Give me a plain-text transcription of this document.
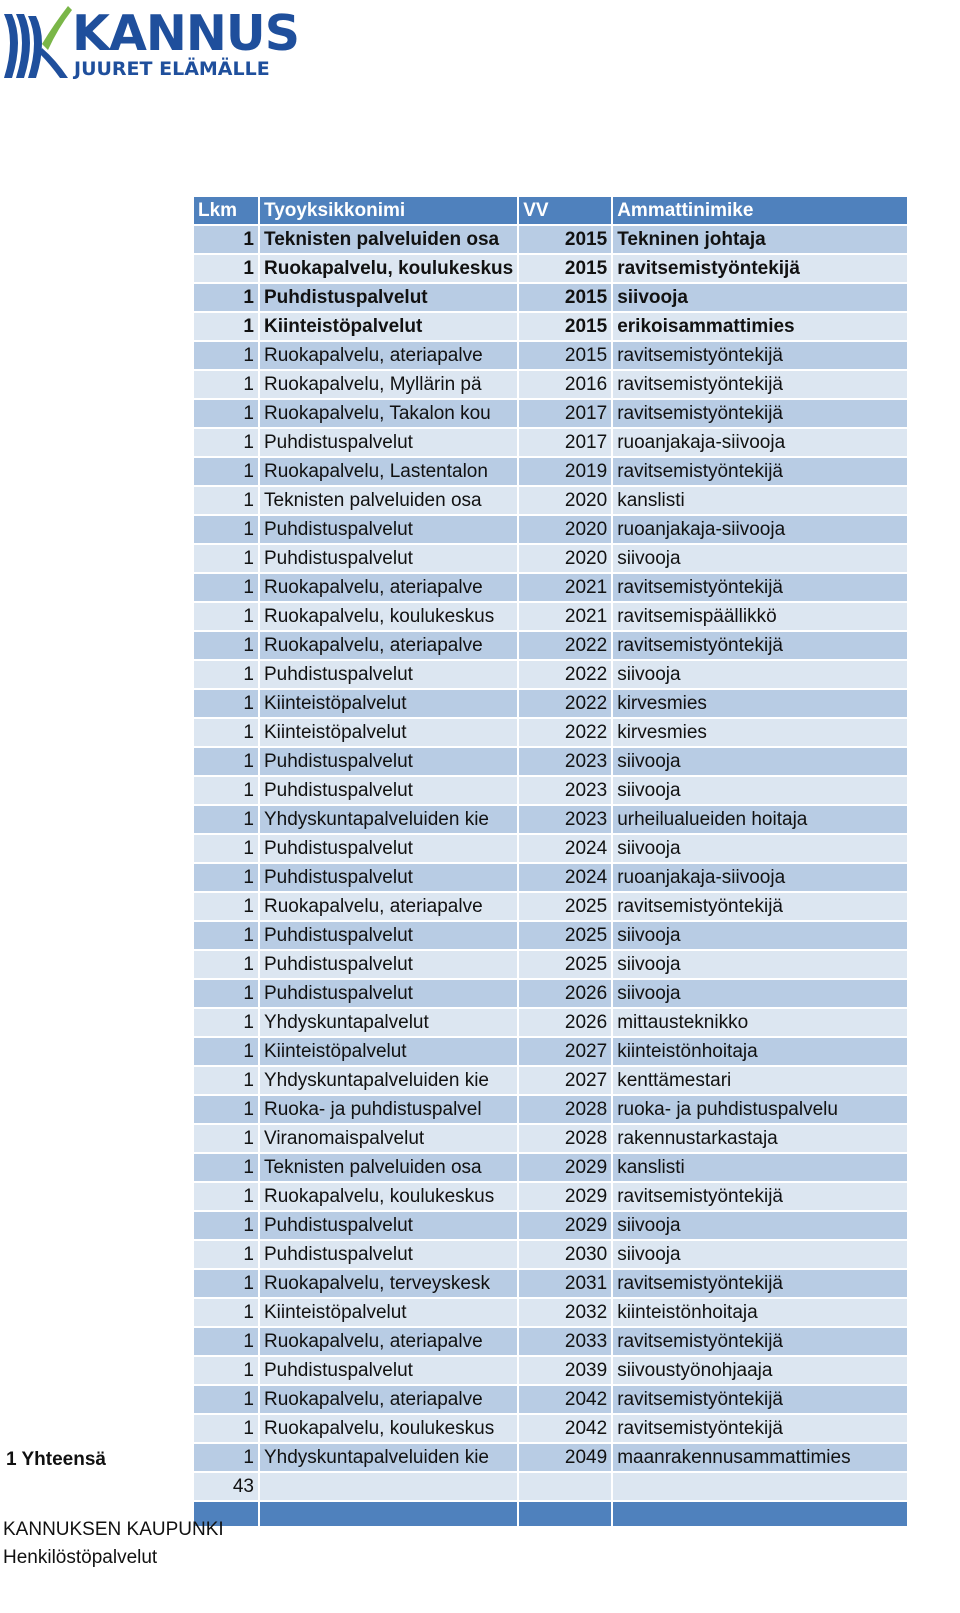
KANNUS
JUURET ELÄMÄLLE
Lkm	Tyoyksikkonimi	VV	Ammattinimike
1	Teknisten palveluiden osa	2015	Tekninen johtaja
1	Ruokapalvelu, koulukeskus	2015	ravitsemistyöntekijä
1	Puhdistuspalvelut	2015	siivooja
1	Kiinteistöpalvelut	2015	erikoisammattimies
1	Ruokapalvelu, ateriapalve	2015	ravitsemistyöntekijä
1	Ruokapalvelu, Myllärin pä	2016	ravitsemistyöntekijä
1	Ruokapalvelu, Takalon kou	2017	ravitsemistyöntekijä
1	Puhdistuspalvelut	2017	ruoanjakaja-siivooja
1	Ruokapalvelu, Lastentalon	2019	ravitsemistyöntekijä
1	Teknisten palveluiden osa	2020	kanslisti
1	Puhdistuspalvelut	2020	ruoanjakaja-siivooja
1	Puhdistuspalvelut	2020	siivooja
1	Ruokapalvelu, ateriapalve	2021	ravitsemistyöntekijä
1	Ruokapalvelu, koulukeskus	2021	ravitsemispäällikkö
1	Ruokapalvelu, ateriapalve	2022	ravitsemistyöntekijä
1	Puhdistuspalvelut	2022	siivooja
1	Kiinteistöpalvelut	2022	kirvesmies
1	Kiinteistöpalvelut	2022	kirvesmies
1	Puhdistuspalvelut	2023	siivooja
1	Puhdistuspalvelut	2023	siivooja
1	Yhdyskuntapalveluiden kie	2023	urheilualueiden hoitaja
1	Puhdistuspalvelut	2024	siivooja
1	Puhdistuspalvelut	2024	ruoanjakaja-siivooja
1	Ruokapalvelu, ateriapalve	2025	ravitsemistyöntekijä
1	Puhdistuspalvelut	2025	siivooja
1	Puhdistuspalvelut	2025	siivooja
1	Puhdistuspalvelut	2026	siivooja
1	Yhdyskuntapalvelut	2026	mittausteknikko
1	Kiinteistöpalvelut	2027	kiinteistönhoitaja
1	Yhdyskuntapalveluiden kie	2027	kenttämestari
1	Ruoka- ja puhdistuspalvel	2028	ruoka- ja puhdistuspalvelu
1	Viranomaispalvelut	2028	rakennustarkastaja
1	Teknisten palveluiden osa	2029	kanslisti
1	Ruokapalvelu, koulukeskus	2029	ravitsemistyöntekijä
1	Puhdistuspalvelut	2029	siivooja
1	Puhdistuspalvelut	2030	siivooja
1	Ruokapalvelu, terveyskesk	2031	ravitsemistyöntekijä
1	Kiinteistöpalvelut	2032	kiinteistönhoitaja
1	Ruokapalvelu, ateriapalve	2033	ravitsemistyöntekijä
1	Puhdistuspalvelut	2039	siivoustyönohjaaja
1	Ruokapalvelu, ateriapalve	2042	ravitsemistyöntekijä
1	Ruokapalvelu, koulukeskus	2042	ravitsemistyöntekijä
1	Yhdyskuntapalveluiden kie	2049	maanrakennusammattimies
43			

1 Yhteensä
KANNUKSEN KAUPUNKI
Henkilöstöpalvelut
